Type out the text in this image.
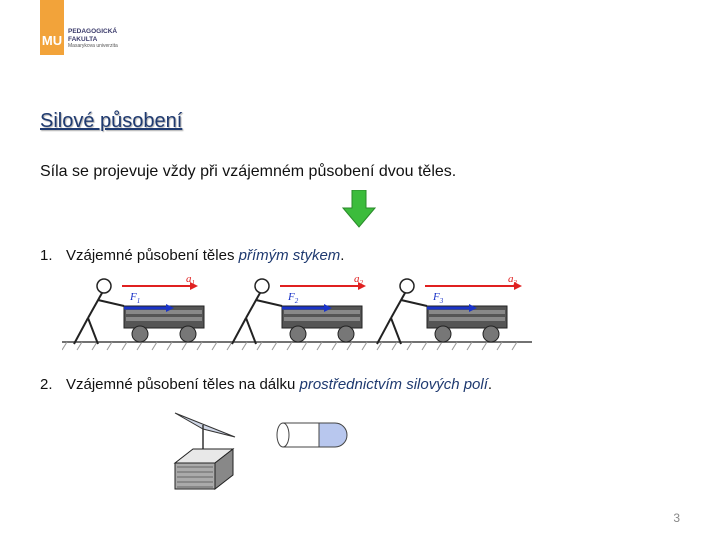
MU
PEDAGOGICKÁ
FAKULTA
Masarykova univerzita
Silové působení
Síla se projevuje vždy při vzájemném působení dvou těles.
1. Vzájemné působení těles přímým stykem.
$F_1$
$a_1$
$F_2$
$a_2$
$F_3$
$a_3$
2. Vzájemné působení těles na dálku prostřednictvím silových polí.
3
